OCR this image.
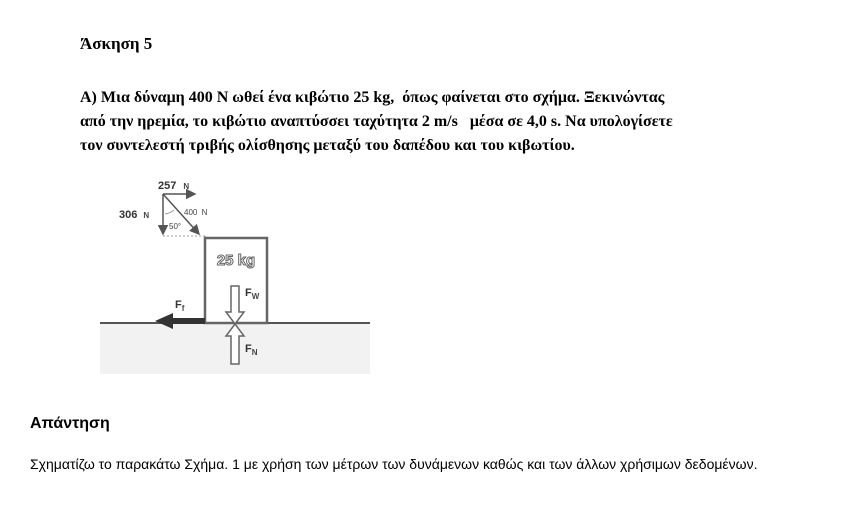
Άσκηση 5
Α) Μια δύναμη 400 Ν ωθεί ένα κιβώτιο 25 kg,  όπως φαίνεται στο σχήμα. Ξεκινώντας
από την ηρεμία, το κιβώτιο αναπτύσσει ταχύτητα 2 m/s   μέσα σε 4,0 s. Να υπολογίσετε
τον συντελεστή τριβής ολίσθησης μεταξύ του δαπέδου και του κιβωτίου.
257 N
306 N	400 N
50°
25 kg
$F_W$
$F_N$
$F_f$
Απάντηση

Σχηματίζω το παρακάτω Σχήμα. 1 με χρήση των μέτρων των δυνάμενων καθώς και των άλλων χρήσιμων δεδομένων.
